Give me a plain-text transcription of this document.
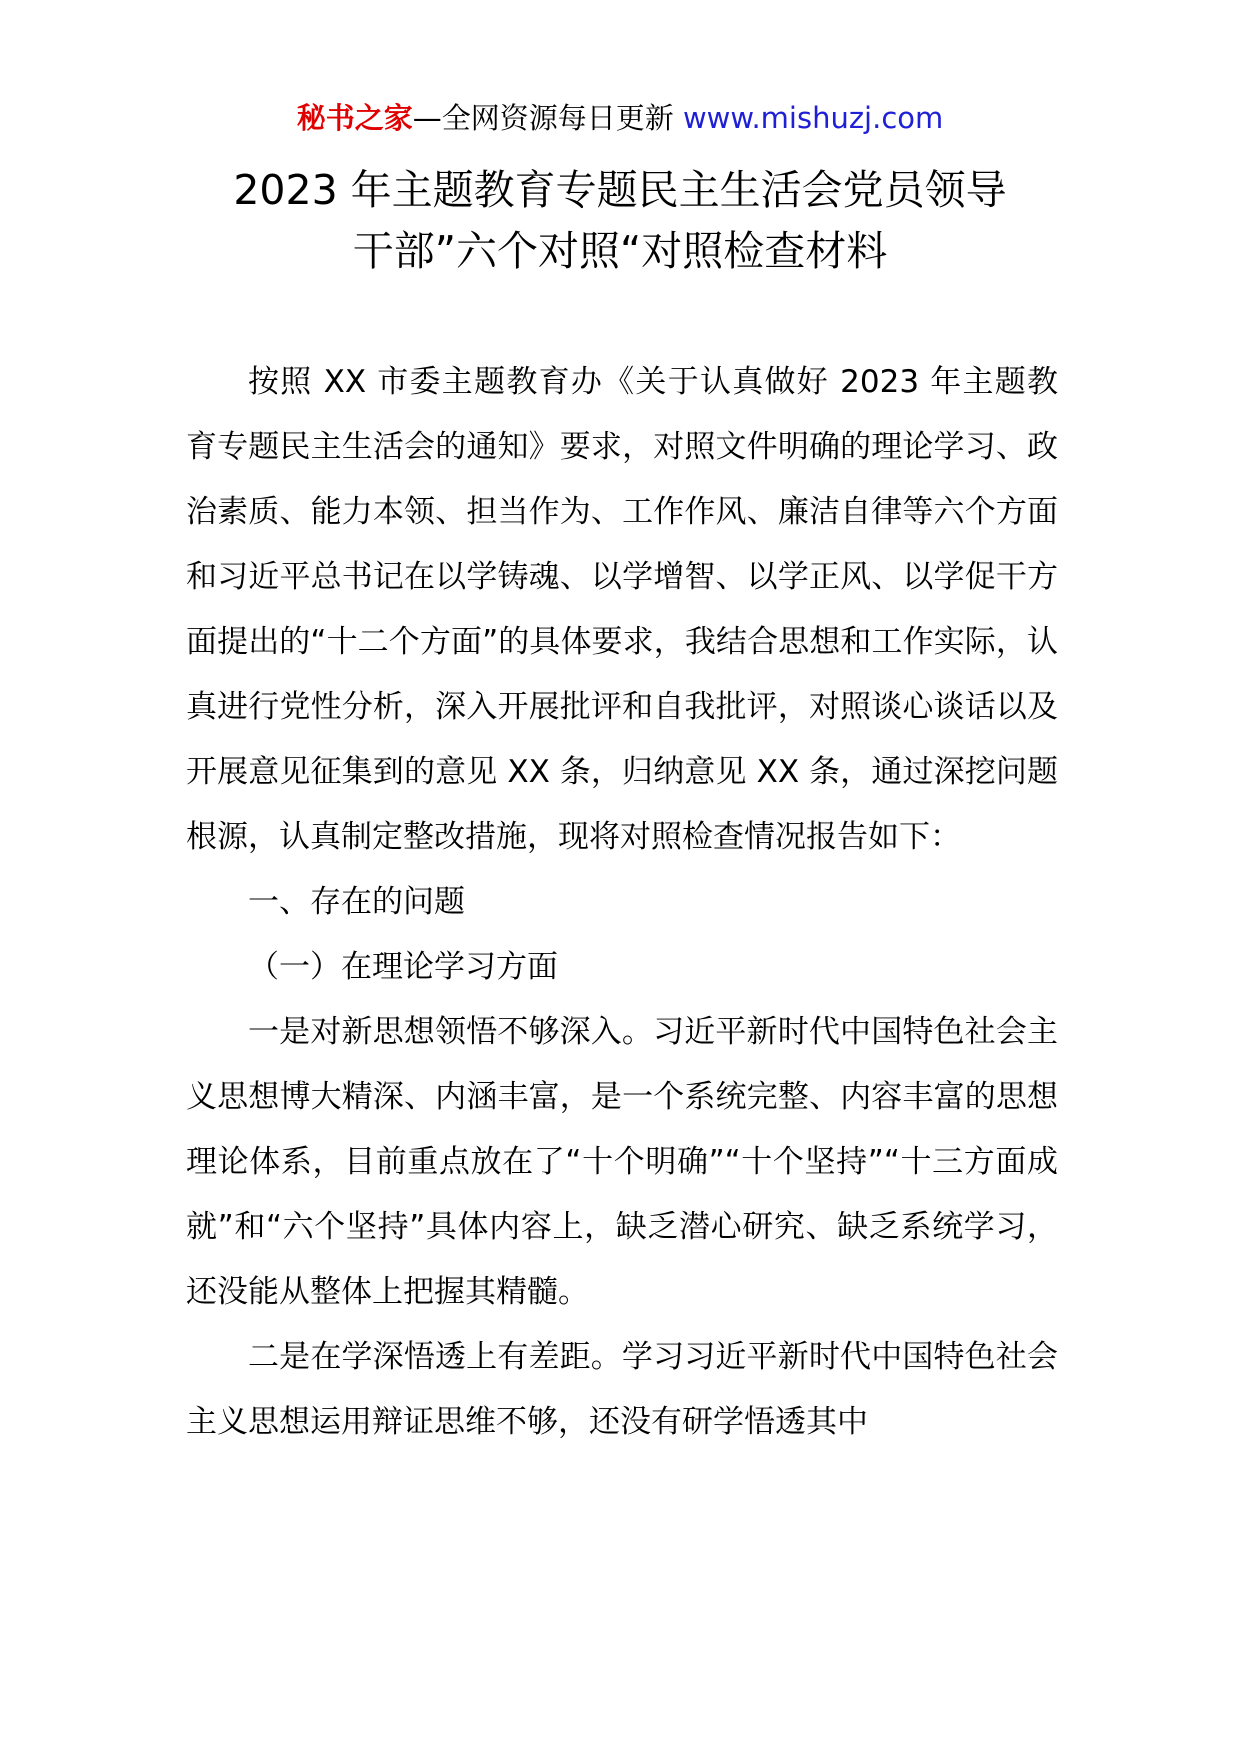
秘书之家—全网资源每日更新 www.mishuzj.com
2023 年主题教育专题民主生活会党员领导
干部”六个对照“对照检查材料

按照 XX 市委主题教育办《关于认真做好 2023 年主题教育专题民主生活会的通知》要求，对照文件明确的理论学习、政治素质、能力本领、担当作为、工作作风、廉洁自律等六个方面和习近平总书记在以学铸魂、以学增智、以学正风、以学促干方面提出的“十二个方面”的具体要求，我结合思想和工作实际，认真进行党性分析，深入开展批评和自我批评，对照谈心谈话以及开展意见征集到的意见 XX 条，归纳意见 XX 条，通过深挖问题根源，认真制定整改措施，现将对照检查情况报告如下：

一、存在的问题

（一）在理论学习方面

一是对新思想领悟不够深入。习近平新时代中国特色社会主义思想博大精深、内涵丰富，是一个系统完整、内容丰富的思想理论体系，目前重点放在了“十个明确”“十个坚持”“十三方面成就”和“六个坚持”具体内容上，缺乏潜心研究、缺乏系统学习，还没能从整体上把握其精髓。

二是在学深悟透上有差距。学习习近平新时代中国特色社会主义思想运用辩证思维不够，还没有研学悟透其中
